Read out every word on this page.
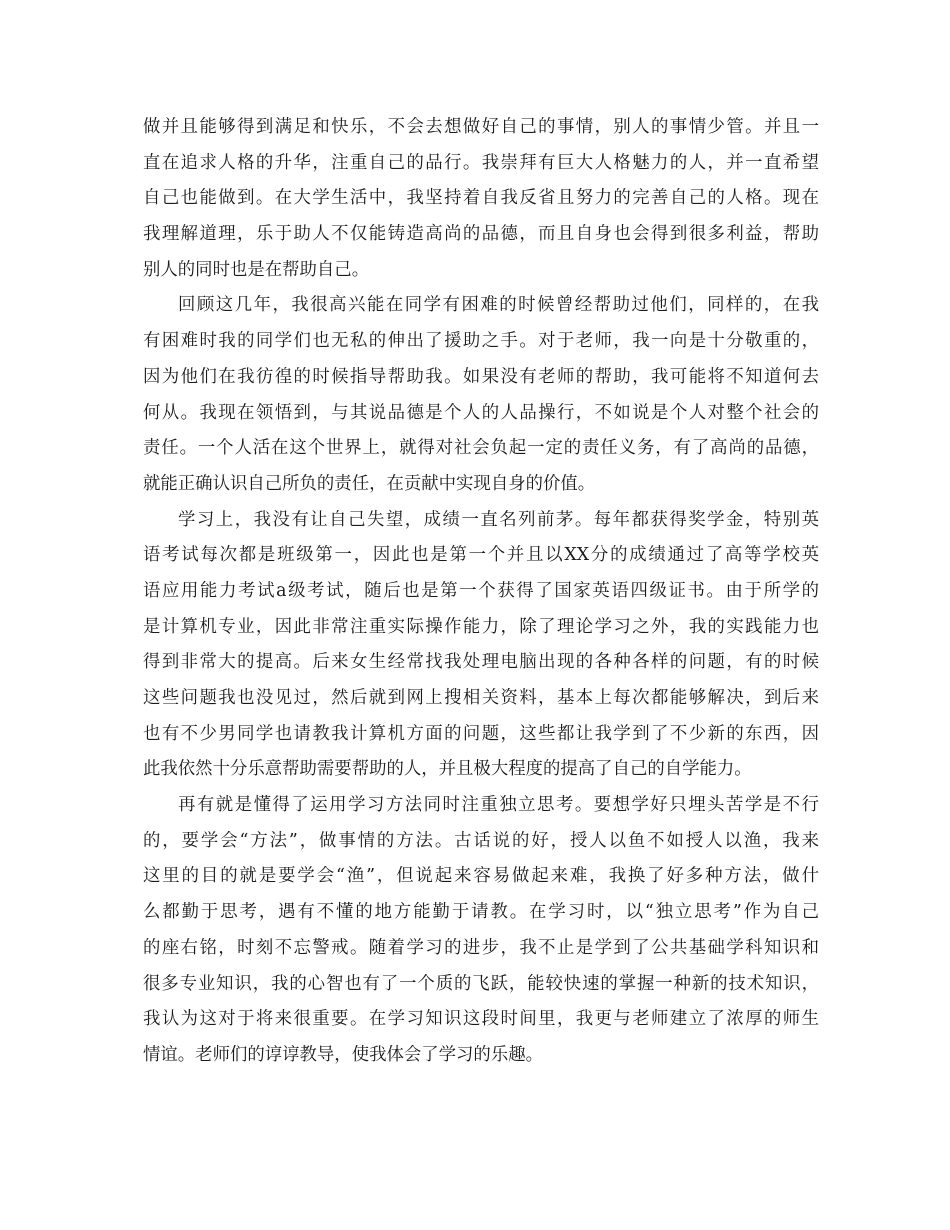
做并且能够得到满足和快乐，不会去想做好自己的事情，别人的事情少管。并且一
直在追求人格的升华，注重自己的品行。我崇拜有巨大人格魅力的人，并一直希望
自己也能做到。在大学生活中，我坚持着自我反省且努力的完善自己的人格。现在
我理解道理，乐于助人不仅能铸造高尚的品德，而且自身也会得到很多利益，帮助
别人的同时也是在帮助自己。
回顾这几年，我很高兴能在同学有困难的时候曾经帮助过他们，同样的，在我
有困难时我的同学们也无私的伸出了援助之手。对于老师，我一向是十分敬重的，
因为他们在我彷徨的时候指导帮助我。如果没有老师的帮助，我可能将不知道何去
何从。我现在领悟到，与其说品德是个人的人品操行，不如说是个人对整个社会的
责任。一个人活在这个世界上，就得对社会负起一定的责任义务，有了高尚的品德，
就能正确认识自己所负的责任，在贡献中实现自身的价值。
学习上，我没有让自己失望，成绩一直名列前茅。每年都获得奖学金，特别英
语考试每次都是班级第一，因此也是第一个并且以XX分的成绩通过了高等学校英
语应用能力考试a级考试，随后也是第一个获得了国家英语四级证书。由于所学的
是计算机专业，因此非常注重实际操作能力，除了理论学习之外，我的实践能力也
得到非常大的提高。后来女生经常找我处理电脑出现的各种各样的问题，有的时候
这些问题我也没见过，然后就到网上搜相关资料，基本上每次都能够解决，到后来
也有不少男同学也请教我计算机方面的问题，这些都让我学到了不少新的东西，因
此我依然十分乐意帮助需要帮助的人，并且极大程度的提高了自己的自学能力。
再有就是懂得了运用学习方法同时注重独立思考。要想学好只埋头苦学是不行
的，要学会“方法”，做事情的方法。古话说的好，授人以鱼不如授人以渔，我来
这里的目的就是要学会“渔”，但说起来容易做起来难，我换了好多种方法，做什
么都勤于思考，遇有不懂的地方能勤于请教。在学习时，以“独立思考”作为自己
的座右铭，时刻不忘警戒。随着学习的进步，我不止是学到了公共基础学科知识和
很多专业知识，我的心智也有了一个质的飞跃，能较快速的掌握一种新的技术知识，
我认为这对于将来很重要。在学习知识这段时间里，我更与老师建立了浓厚的师生
情谊。老师们的谆谆教导，使我体会了学习的乐趣。
